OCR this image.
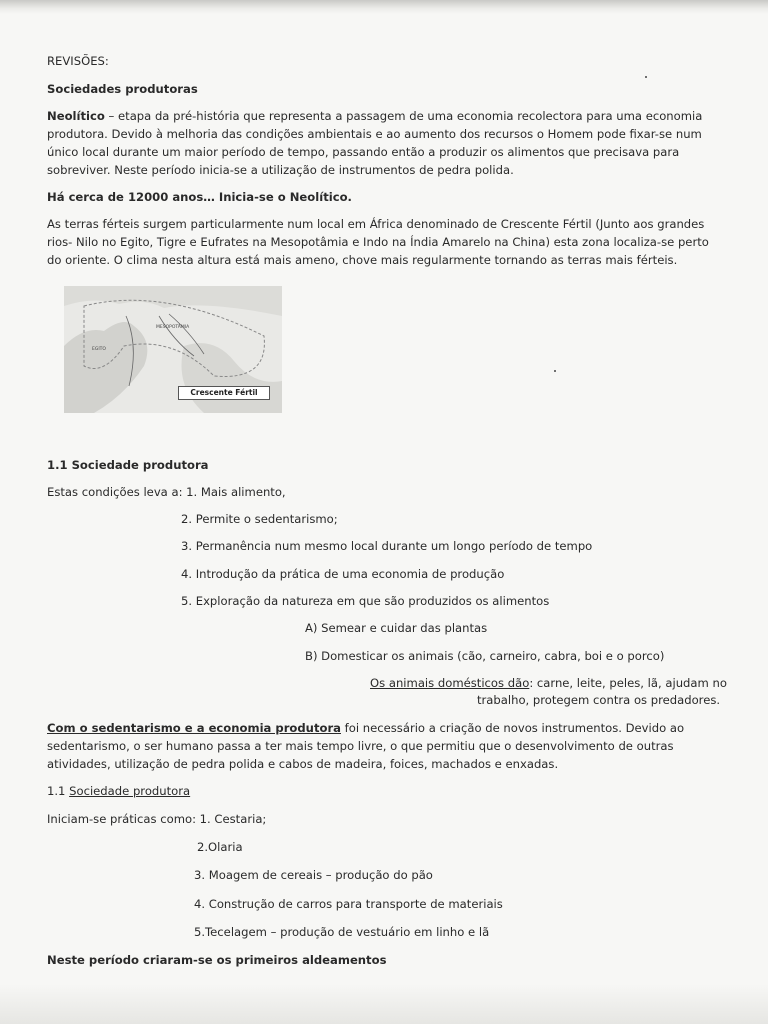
REVISÕES:
Sociedades produtoras
Neolítico – etapa da pré-história que representa a passagem de uma economia recolectora para uma economia produtora. Devido à melhoria das condições ambientais e ao aumento dos recursos o Homem pode fixar-se num único local durante um maior período de tempo, passando então a produzir os alimentos que precisava para sobreviver. Neste período inicia-se a utilização de instrumentos de pedra polida.
Há cerca de 12000 anos… Inicia-se o Neolítico.
As terras férteis surgem particularmente num local em África denominado de Crescente Fértil (Junto aos grandes rios- Nilo no Egito, Tigre e Eufrates na Mesopotâmia e Indo na Índia Amarelo na China) esta zona localiza-se perto do oriente. O clima nesta altura está mais ameno, chove mais regularmente tornando as terras mais férteis.
MESOPOTÂMIA
EGITO
Crescente Fértil
1.1 Sociedade produtora
Estas condições leva a: 1. Mais alimento,
2. Permite o sedentarismo;
3. Permanência num mesmo local durante um longo período de tempo
4. Introdução da prática de uma economia de produção
5. Exploração da natureza em que são produzidos os alimentos
A) Semear e cuidar das plantas
B) Domesticar os animais (cão, carneiro, cabra, boi e o porco)
Os animais domésticos dão: carne, leite, peles, lã, ajudam no
trabalho, protegem contra os predadores.
Com o sedentarismo e a economia produtora foi necessário a criação de novos instrumentos. Devido ao sedentarismo, o ser humano passa a ter mais tempo livre, o que permitiu que o desenvolvimento de outras atividades, utilização de pedra polida e cabos de madeira, foices, machados e enxadas.
1.1 Sociedade produtora
Iniciam-se práticas como: 1. Cestaria;
2.Olaria
3. Moagem de cereais – produção do pão
4. Construção de carros para transporte de materiais
5.Tecelagem – produção de vestuário em linho e lã
Neste período criaram-se os primeiros aldeamentos
